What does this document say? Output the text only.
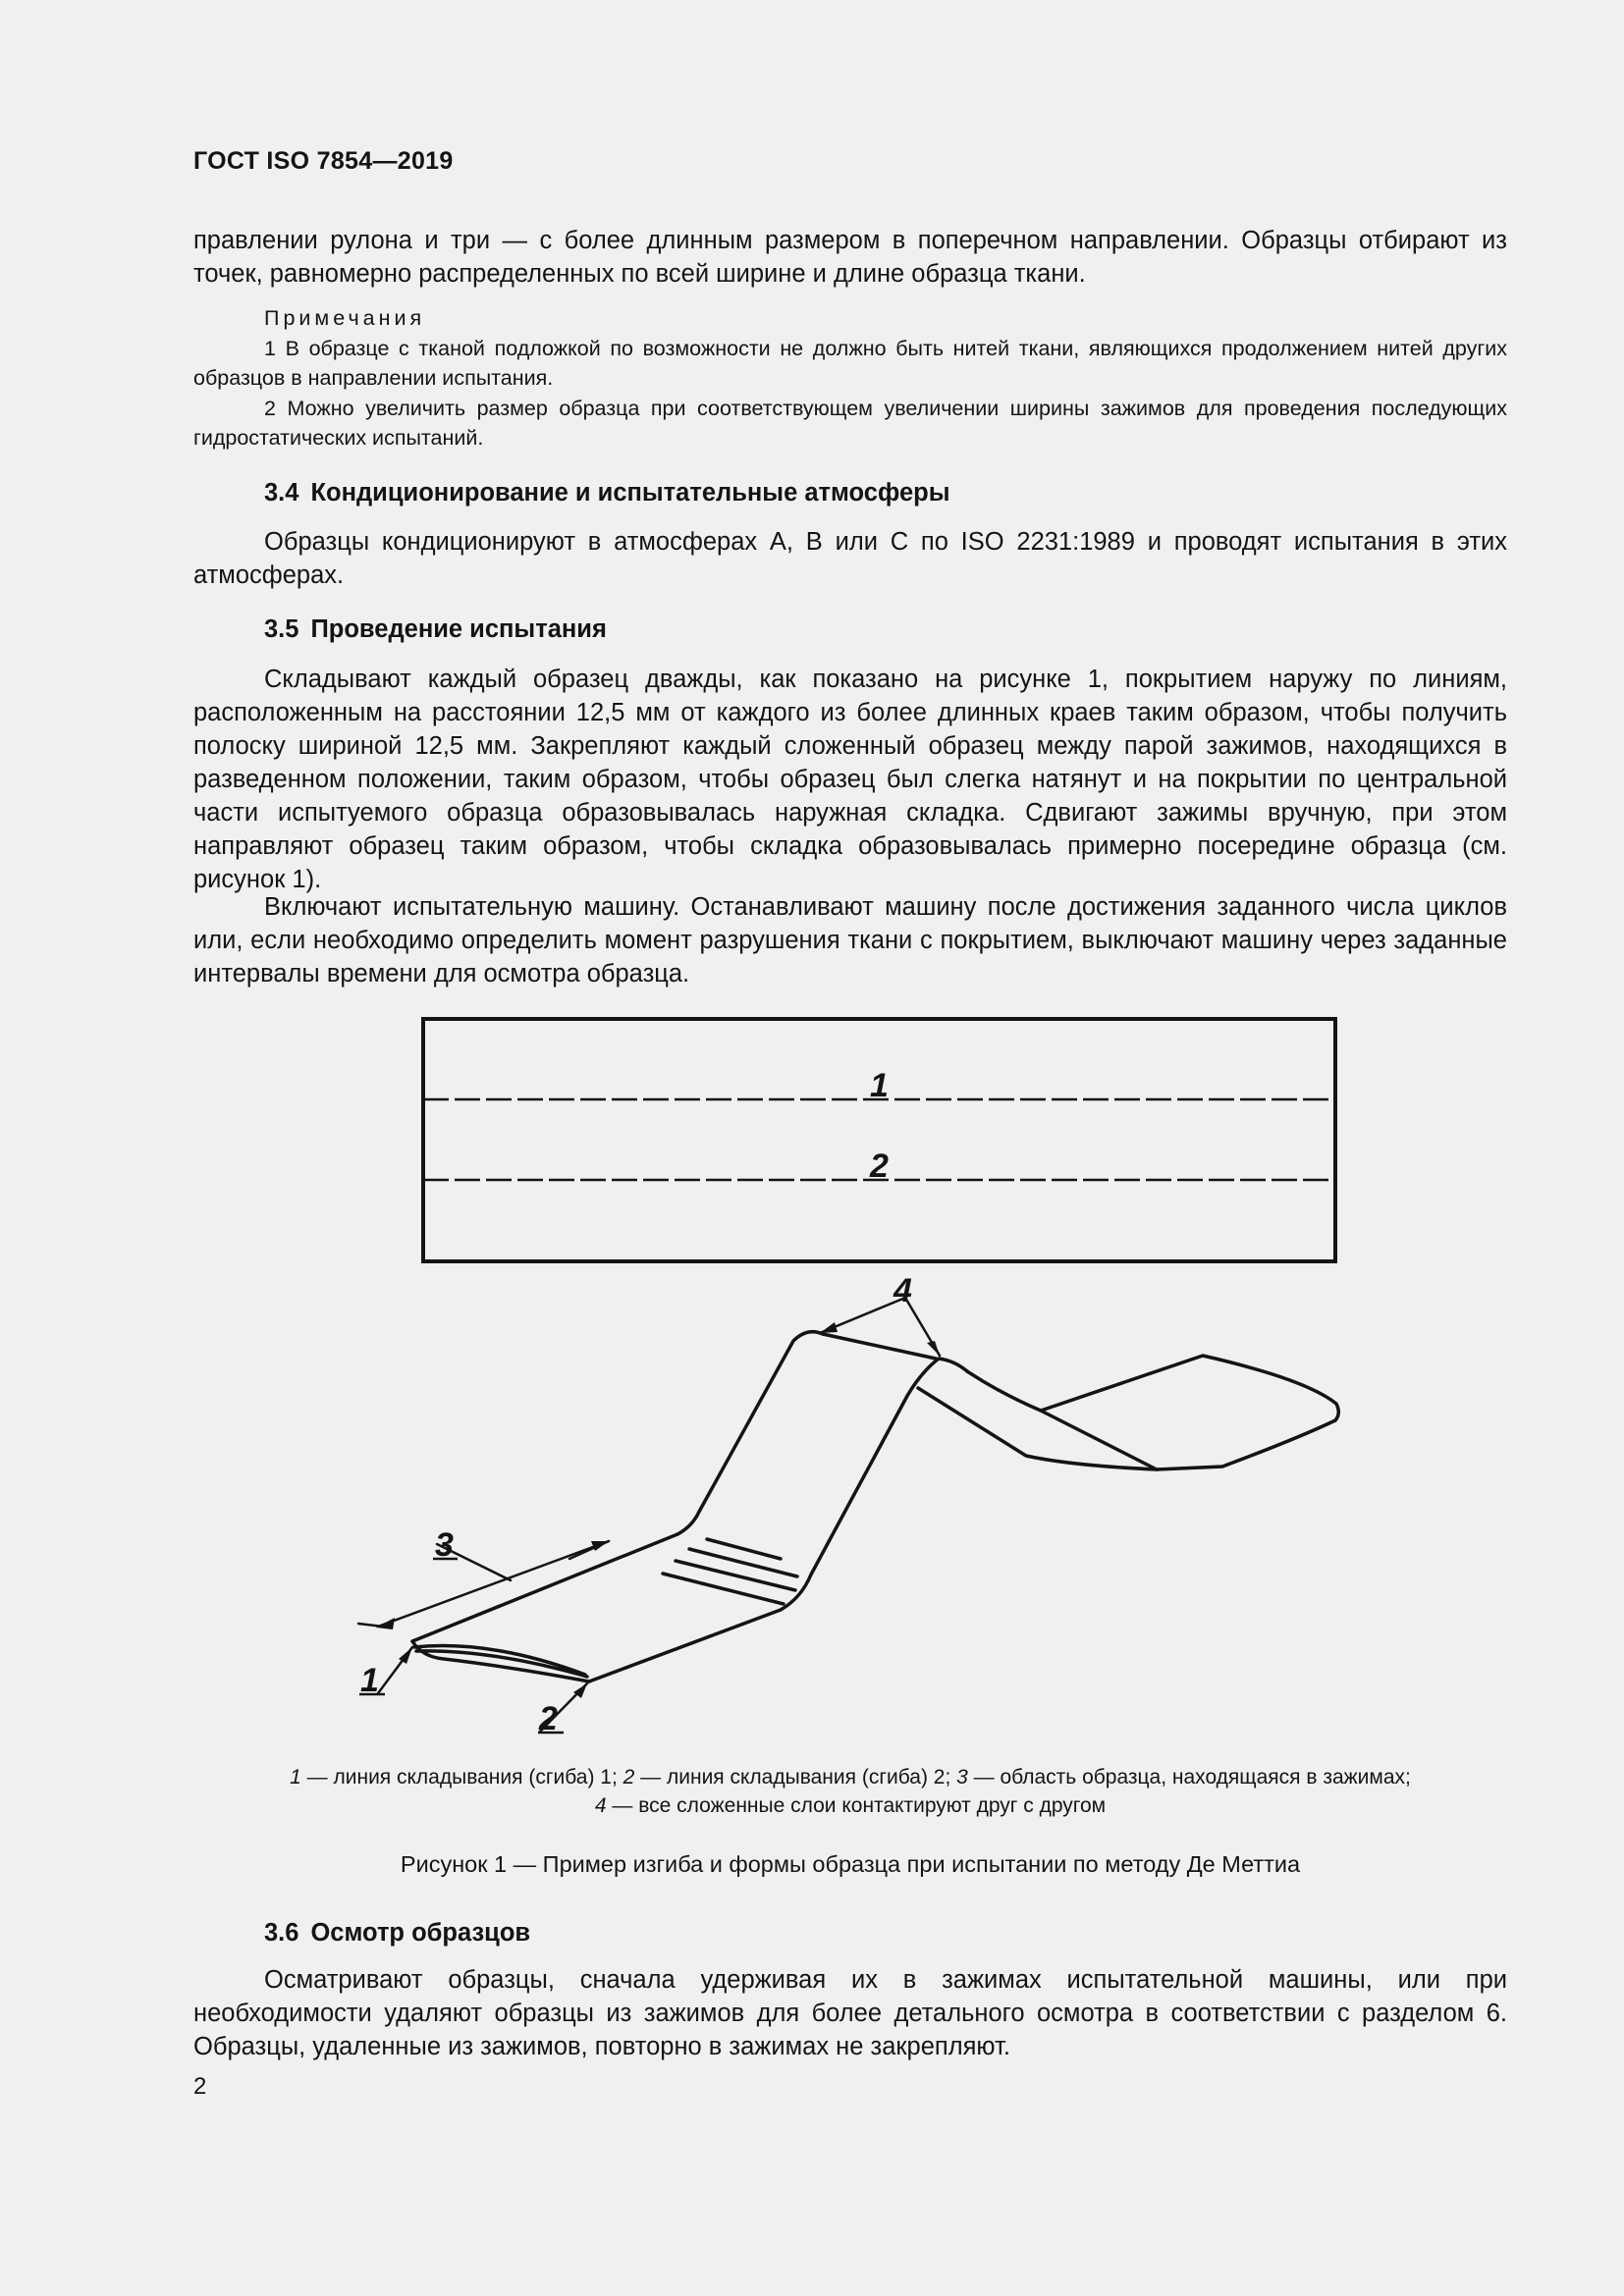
ГОСТ ISO 7854—2019

правлении рулона и три — с более длинным размером в поперечном направлении. Образцы отбирают из точек, равномерно распределенных по всей ширине и длине образца ткани.

Примечания

1 В образце с тканой подложкой по возможности не должно быть нитей ткани, являющихся продолжением нитей других образцов в направлении испытания.

2 Можно увеличить размер образца при соответствующем увеличении ширины зажимов для проведения последующих гидростатических испытаний.

3.4 Кондиционирование и испытательные атмосферы

Образцы кондиционируют в атмосферах А, В или С по ISO 2231:1989 и проводят испытания в этих атмосферах.

3.5 Проведение испытания

Складывают каждый образец дважды, как показано на рисунке 1, покрытием наружу по линиям, расположенным на расстоянии 12,5 мм от каждого из более длинных краев таким образом, чтобы получить полоску шириной 12,5 мм. Закрепляют каждый сложенный образец между парой зажимов, находящихся в разведенном положении, таким образом, чтобы образец был слегка натянут и на покрытии по центральной части испытуемого образца образовывалась наружная складка. Сдвигают зажимы вручную, при этом направляют образец таким образом, чтобы складка образовывалась примерно посередине образца (см. рисунок 1).

Включают испытательную машину. Останавливают машину после достижения заданного числа циклов или, если необходимо определить момент разрушения ткани с покрытием, выключают машину через заданные интервалы времени для осмотра образца.

1
2
4
3
1
2
1 — линия складывания (сгиба) 1; 2 — линия складывания (сгиба) 2; 3 — область образца, находящаяся в зажимах;
4 — все сложенные слои контактируют друг с другом
Рисунок 1 — Пример изгиба и формы образца при испытании по методу Де Меттиа
3.6 Осмотр образцов

Осматривают образцы, сначала удерживая их в зажимах испытательной машины, или при необходимости удаляют образцы из зажимов для более детального осмотра в соответствии с разделом 6. Образцы, удаленные из зажимов, повторно в зажимах не закрепляют.

2
